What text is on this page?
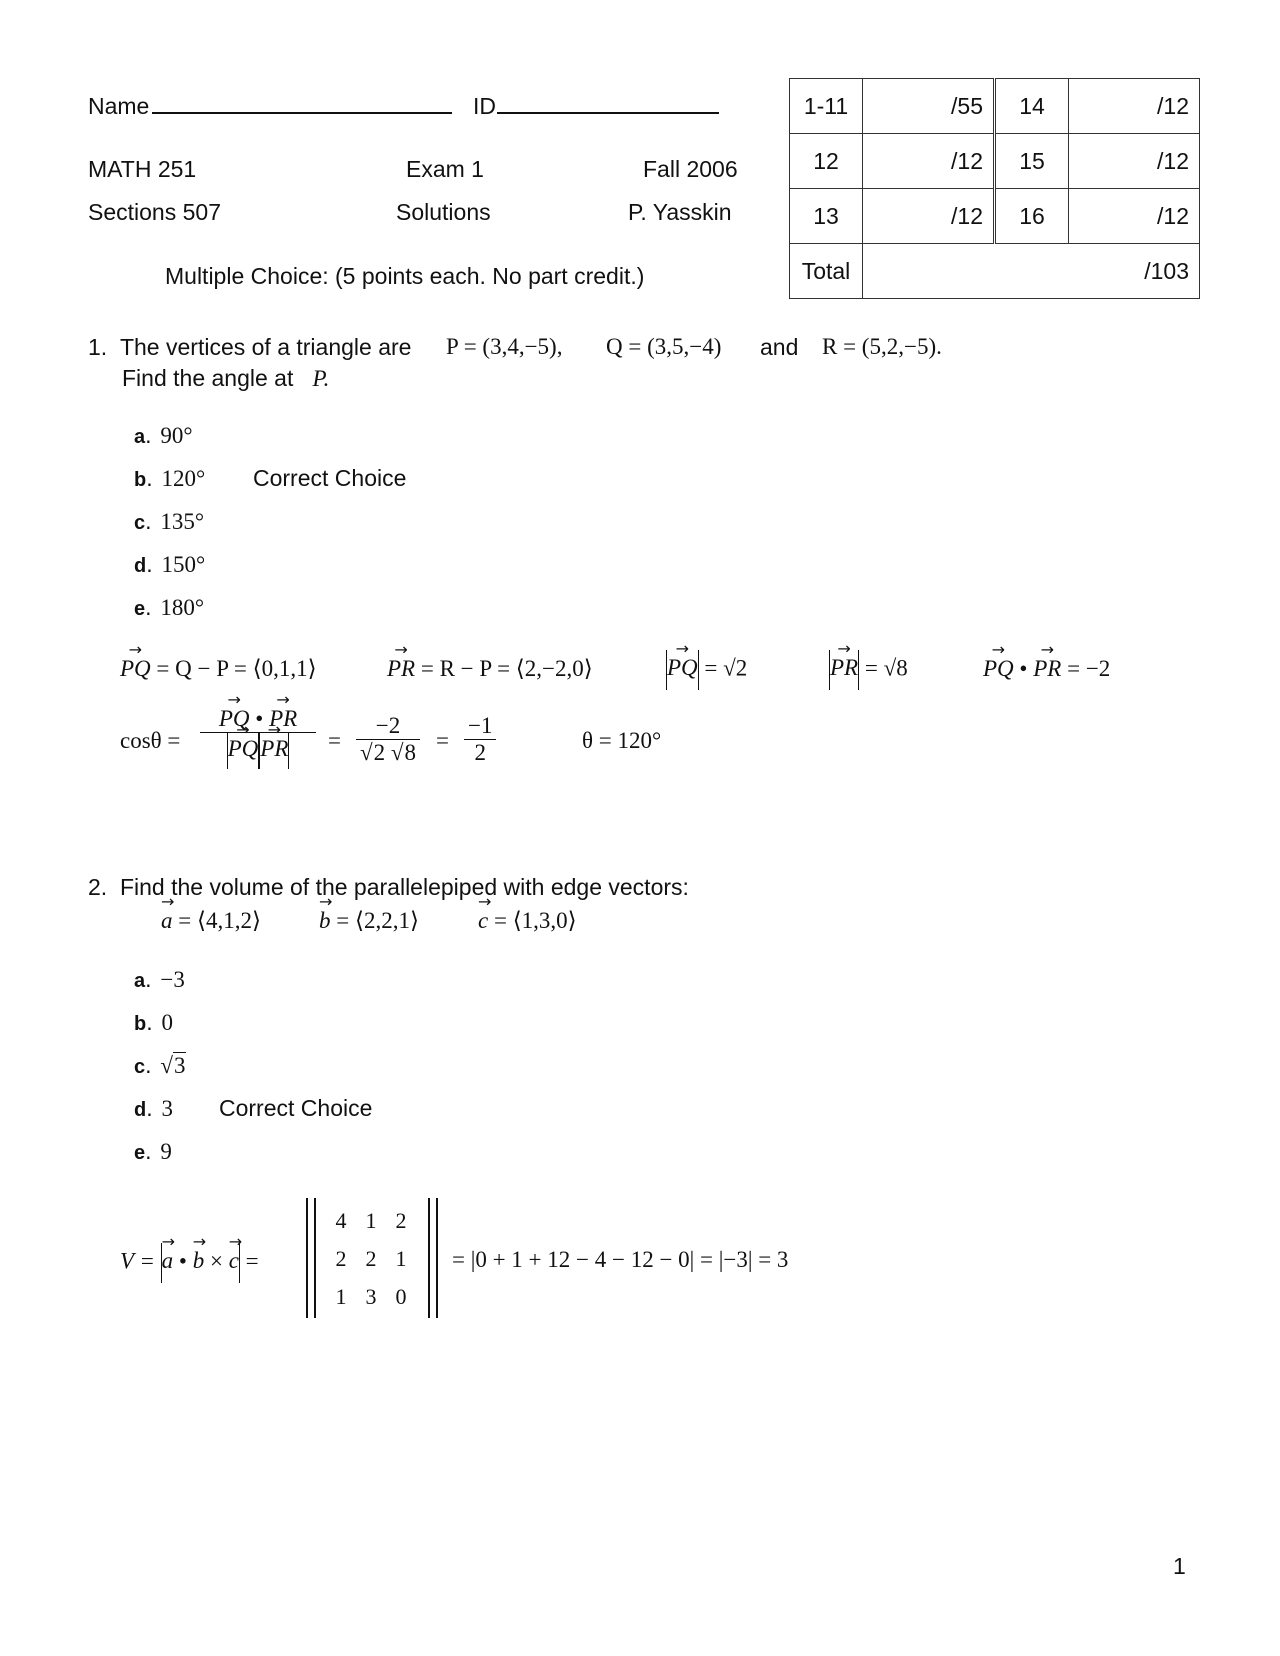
Name	ID
MATH 251	Exam 1	Fall 2006
Sections 507	Solutions	P. Yasskin
Multiple Choice: (5 points each. No part credit.)
1-11	/55	14	/12
12	/12	15	/12
13	/12	16	/12
Total	/103		
1.  The vertices of a triangle are P = (3,4,−5), Q = (3,5,−4) and R = (5,2,−5).
Find the angle at P.
a. 90°
b. 120° Correct Choice
c. 135°
d. 150°
e. 180°
→ PQ = Q − P = ⟨0,1,1⟩	→ PR = R − P = ⟨2,−2,0⟩	→ PQ = √2	→ PR = √8	→ PQ • → PR = −2
cosθ = → PQ • → PR
→ PQ→ PR = $\frac{-2}{√2 √8} = \frac{-1}{2}$	θ = 120°
2.  Find the volume of the parallelepiped with edge vectors:
→ a = ⟨4,1,2⟩	→ b = ⟨2,2,1⟩	→ c = ⟨1,3,0⟩
a. −3
b. 0
c. √3
d. 3 Correct Choice
e. 9
V = → a • → b × → c =
4 1 2
2 2 1
1 3 0
= |0 + 1 + 12 − 4 − 12 − 0| = |−3| = 3
1
